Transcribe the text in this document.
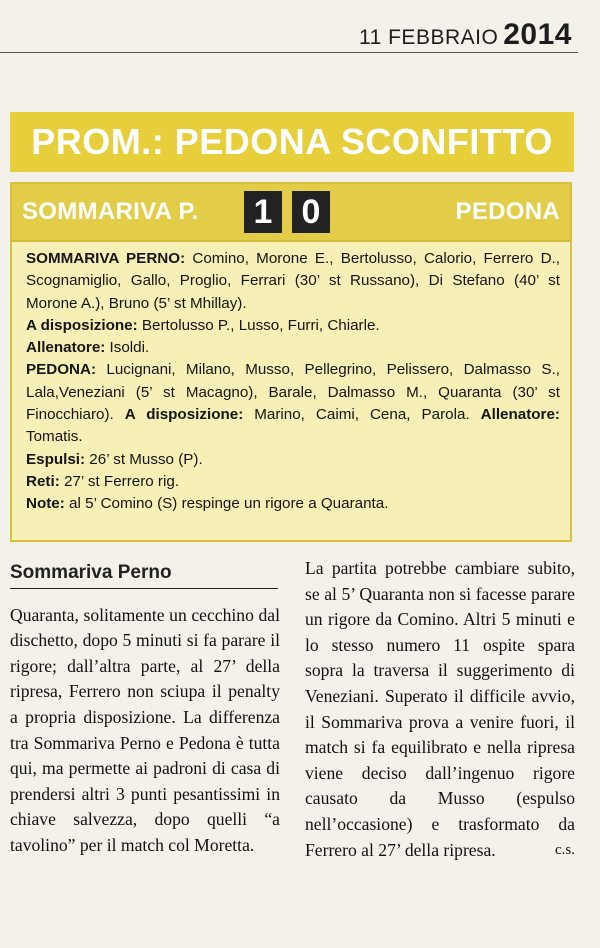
11 FEBBRAIO 2014
PROM.: PEDONA SCONFITTO
SOMMARIVA P. 1 0	PEDONA

SOMMARIVA PERNO: Comino, Morone E., Bertolusso, Calorio, Ferrero D., Scognamiglio, Gallo, Proglio, Ferrari (30’ st Russano), Di Stefano (40’ st Morone A.), Bruno (5’ st Mhillay).

A disposizione: Bertolusso P., Lusso, Furri, Chiarle.

Allenatore: Isoldi.

PEDONA: Lucignani, Milano, Musso, Pellegrino, Pelissero, Dalmasso S., Lala,Veneziani (5’ st Macagno), Barale, Dalmasso M., Quaranta (30’ st Finocchiaro). A disposizione: Marino, Caimi, Cena, Parola. Allenatore: Tomatis.

Espulsi: 26’ st Musso (P).

Reti: 27’ st Ferrero rig.

Note: al 5’ Comino (S) respinge un rigore a Quaranta.

Sommariva Perno

Quaranta, solitamente un cecchino dal dischetto, dopo 5 minuti si fa parare il rigore; dall’altra parte, al 27’ della ripresa, Ferrero non sciupa il penalty a propria disposizione. La differenza tra Sommariva Perno e Pedona è tutta qui, ma permette ai padroni di casa di prendersi altri 3 punti pesantissimi in chiave salvezza, dopo quelli “a tavolino” per il match col Moretta.

La partita potrebbe cambiare subito, se al 5’ Quaranta non si facesse parare un rigore da Comino. Altri 5 minuti e lo stesso numero 11 ospite spara sopra la traversa il suggerimento di Veneziani. Superato il difficile avvio, il Sommariva prova a venire fuori, il match si fa equilibrato e nella ripresa viene deciso dall’ingenuo rigore causato da Musso (espulso nell’occasione) e trasformato da Ferrero al 27’ della ripresa.	c.s.
